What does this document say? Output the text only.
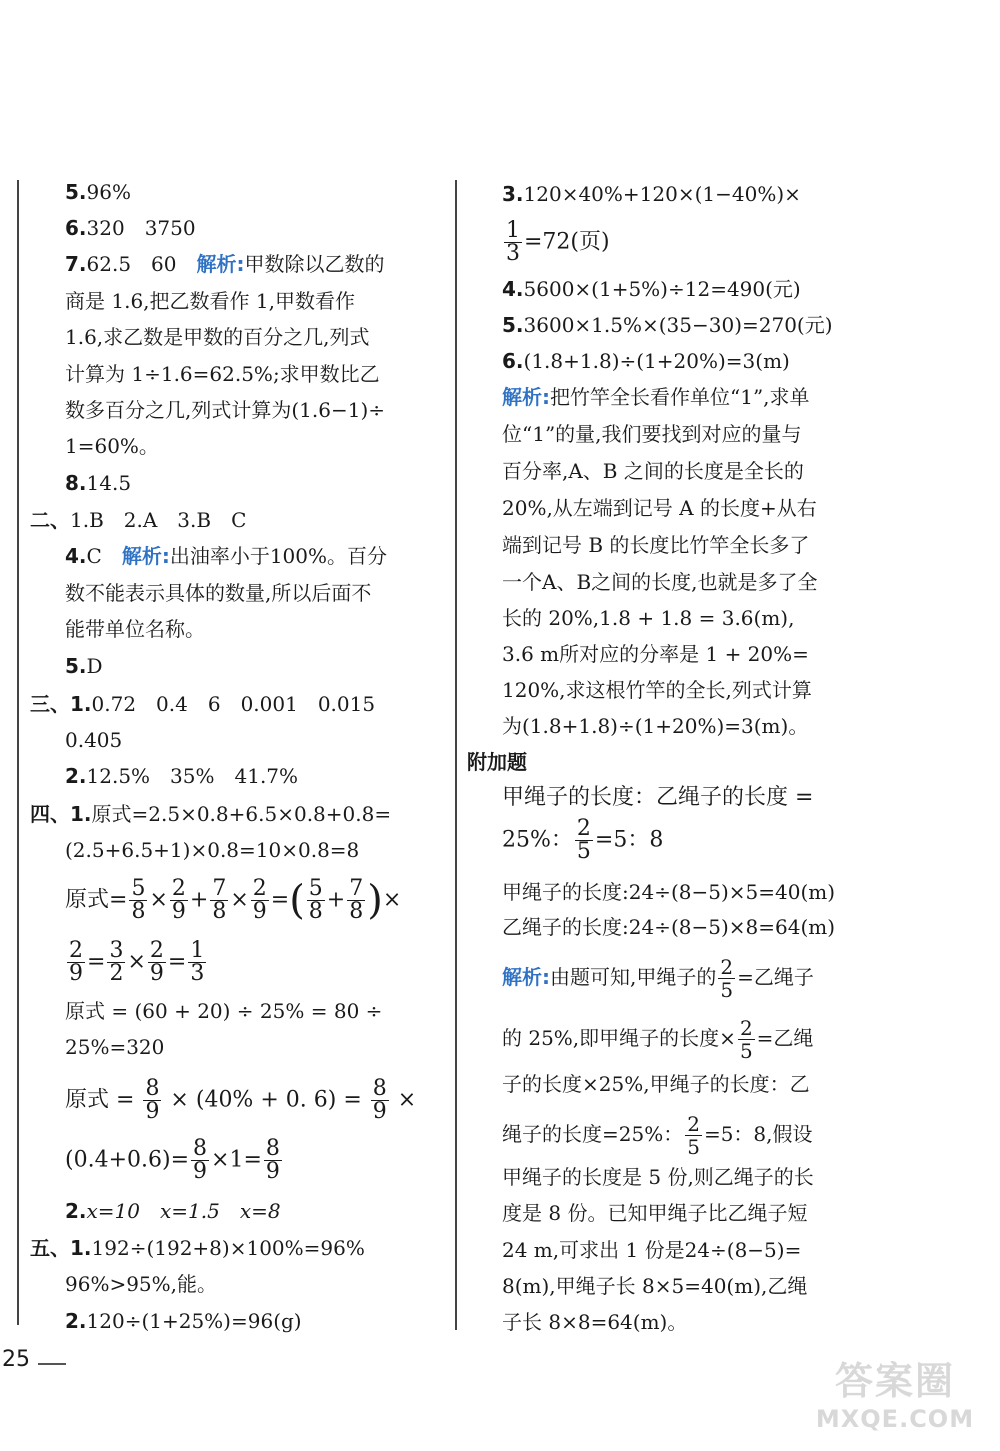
5.96%
6.320　3750
7.62.5　60　 解析:甲数除以乙数的
商是 1.6,把乙数看作 1,甲数看作
1.6,求乙数是甲数的百分之几,列式
计算为 1÷1.6=62.5%;求甲数比乙
数多百分之几,列式计算为(1.6−1)÷
1=60%。
8.14.5
二、1.B　2.A　3.B　C
4.C　 解析:出油率小于100%。百分
数不能表示具体的数量,所以后面不
能带单位名称。
5.D
三、1.0.72　0.4　6　0.001　0.015
0.405
2.12.5%　35%　41.7%
四、1.原式=2.5×0.8+6.5×0.8+0.8=
(2.5+6.5+1)×0.8=10×0.8=8
原式= $\frac{5}{8} \times \frac{2}{9} + \frac{7}{8} \times \frac{2}{9}$ =( $\frac{5}{8} + \frac{7}{8}$ )×
$\frac{2}{9} = \frac{3}{2} \times \frac{2}{9} = \frac{1}{3}$
原式 = (60 + 20) ÷ 25% = 80 ÷
25%=320
原式 = $\frac{8}{9} \times (40\% + 0$. $6) = \frac{8}{9}$ ×
$(0.4+0.6)= \frac{8}{9} \times 1= \frac{8}{9}$
2.x=10　x=1.5　x=8
五、1.192÷(192+8)×100%=96%
96%>95%,能。
2.120÷(1+25%)=96(g)
3.120×40%+120×(1−40%)×
$\frac{1}{3} =72$(页)
4.5600×(1+5%)÷12=490(元)
5.3600×1.5%×(35−30)=270(元)
6.(1.8+1.8)÷(1+20%)=3(m)
解析:把竹竿全长看作单位“1”,求单
位“1”的量,我们要找到对应的量与
百分率,A、B 之间的长度是全长的
20%,从左端到记号 A 的长度+从右
端到记号 B 的长度比竹竿全长多了
一个A、B之间的长度,也就是多了全
长的 20%,1.8 + 1.8 = 3.6(m),
3.6 m所对应的分率是 1 + 20%=
120%,求这根竹竿的全长,列式计算
为(1.8+1.8)÷(1+20%)=3(m)。
附加题
甲绳子的长度：乙绳子的长度 =
25%： $\frac{2}{5} =5$：8
甲绳子的长度:24÷(8−5)×5=40(m)
乙绳子的长度:24÷(8−5)×8=64(m)
解析:由题可知,甲绳子的 $\frac{2}{5}$ =乙绳子
的 25%,即甲绳子的长度× $\frac{2}{5}$ =乙绳
子的长度×25%,甲绳子的长度：乙
绳子的长度=25%： $\frac{2}{5} =5$：8,假设
甲绳子的长度是 5 份,则乙绳子的长
度是 8 份。已知甲绳子比乙绳子短
24 m,可求出 1 份是24÷(8−5)=
8(m),甲绳子长 8×5=40(m),乙绳
子长 8×8=64(m)。
25	答案圈
MXQE.COM
